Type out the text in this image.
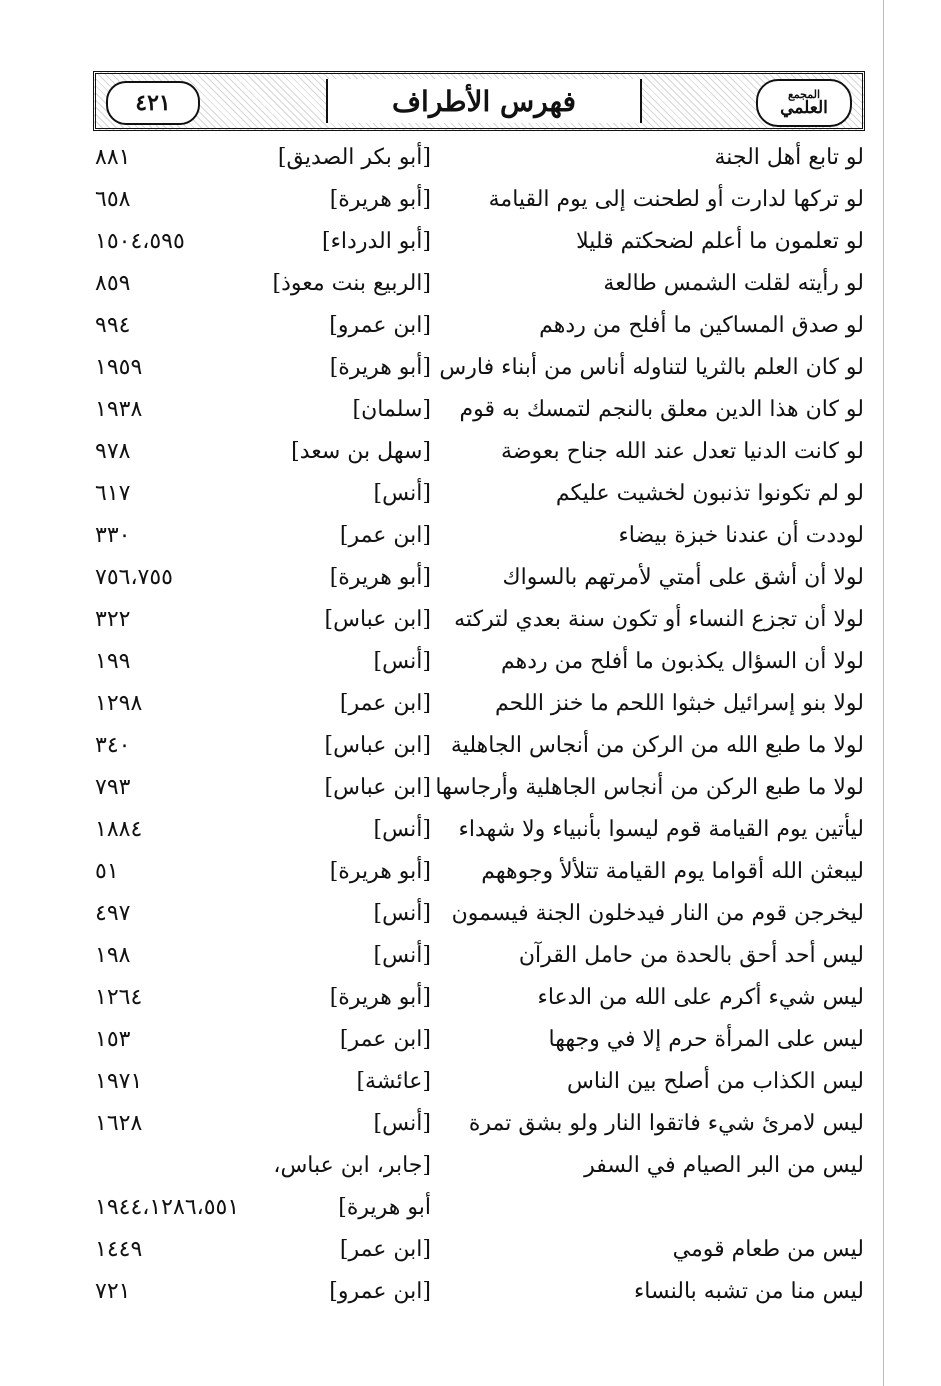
٤٢١	فهرس الأطراف	المجمع
العلمي
لو تابع أهل الجنة
[أبو بكر الصديق]
٨٨١
لو تركها لدارت أو لطحنت إلى يوم القيامة
[أبو هريرة]
٦٥٨
لو تعلمون ما أعلم لضحكتم قليلا
[أبو الدرداء]
١٥٠٤،٥٩٥
لو رأيته لقلت الشمس طالعة
[الربيع بنت معوذ]
٨٥٩
لو صدق المساكين ما أفلح من ردهم
[ابن عمرو]
٩٩٤
لو كان العلم بالثريا لتناوله أناس من أبناء فارس
[أبو هريرة]
١٩٥٩
لو كان هذا الدين معلق بالنجم لتمسك به قوم
[سلمان]
١٩٣٨
لو كانت الدنيا تعدل عند الله جناح بعوضة
[سهل بن سعد]
٩٧٨
لو لم تكونوا تذنبون لخشيت عليكم
[أنس]
٦١٧
لوددت أن عندنا خبزة بيضاء
[ابن عمر]
٣٣٠
لولا أن أشق على أمتي لأمرتهم بالسواك
[أبو هريرة]
٧٥٦،٧٥٥
لولا أن تجزع النساء أو تكون سنة بعدي لتركته
[ابن عباس]
٣٢٢
لولا أن السؤال يكذبون ما أفلح من ردهم
[أنس]
١٩٩
لولا بنو إسرائيل خبثوا اللحم ما خنز اللحم
[ابن عمر]
١٢٩٨
لولا ما طبع الله من الركن من أنجاس الجاهلية
[ابن عباس]
٣٤٠
لولا ما طبع الركن من أنجاس الجاهلية وأرجاسها
[ابن عباس]
٧٩٣
ليأتين يوم القيامة قوم ليسوا بأنبياء ولا شهداء
[أنس]
١٨٨٤
ليبعثن الله أقواما يوم القيامة تتلألأ وجوههم
[أبو هريرة]
٥١
ليخرجن قوم من النار فيدخلون الجنة فيسمون
[أنس]
٤٩٧
ليس أحد أحق بالحدة من حامل القرآن
[أنس]
١٩٨
ليس شيء أكرم على الله من الدعاء
[أبو هريرة]
١٢٦٤
ليس على المرأة حرم إلا في وجهها
[ابن عمر]
١٥٣
ليس الكذاب من أصلح بين الناس
[عائشة]
١٩٧١
ليس لامرئ شيء فاتقوا النار ولو بشق تمرة
[أنس]
١٦٢٨
ليس من البر الصيام في السفر
[جابر، ابن عباس،
أبو هريرة]
١٩٤٤،١٢٨٦،٥٥١
ليس من طعام قومي
[ابن عمر]
١٤٤٩
ليس منا من تشبه بالنساء
[ابن عمرو]
٧٢١
